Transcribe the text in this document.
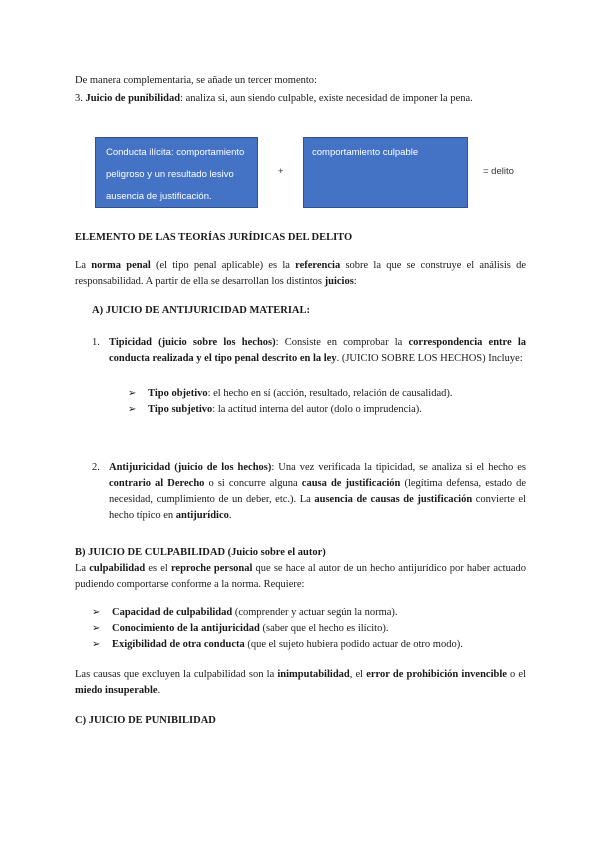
De manera complementaria, se añade un tercer momento:
3. Juicio de punibilidad: analiza si, aun siendo culpable, existe necesidad de imponer la pena.
Conducta ilícita: comportamiento
peligroso y un resultado lesivo
ausencia de justificación.
+
comportamiento culpable
= delito
ELEMENTO DE LAS TEORÍAS JURÍDICAS DEL DELITO
La norma penal (el tipo penal aplicable) es la referencia sobre la que se construye el análisis de responsabilidad. A partir de ella se desarrollan los distintos juicios:
A) JUICIO DE ANTIJURICIDAD MATERIAL:
1. Tipicidad (juicio sobre los hechos): Consiste en comprobar la correspondencia entre la conducta realizada y el tipo penal descrito en la ley. (JUICIO SOBRE LOS HECHOS) Incluye:
➢ Tipo objetivo: el hecho en sí (acción, resultado, relación de causalidad).
➢ Tipo subjetivo: la actitud interna del autor (dolo o imprudencia).
2. Antijuricidad (juicio de los hechos): Una vez verificada la tipicidad, se analiza si el hecho es contrario al Derecho o si concurre alguna causa de justificación (legítima defensa, estado de necesidad, cumplimiento de un deber, etc.). La ausencia de causas de justificación convierte el hecho típico en antijurídico.
B) JUICIO DE CULPABILIDAD (Juicio sobre el autor)
La culpabilidad es el reproche personal que se hace al autor de un hecho antijurídico por haber actuado pudiendo comportarse conforme a la norma. Requiere:
➢ Capacidad de culpabilidad (comprender y actuar según la norma).
➢ Conocimiento de la antijuricidad (saber que el hecho es ilícito).
➢ Exigibilidad de otra conducta (que el sujeto hubiera podido actuar de otro modo).
Las causas que excluyen la culpabilidad son la inimputabilidad, el error de prohibición invencible o el miedo insuperable.
C) JUICIO DE PUNIBILIDAD
